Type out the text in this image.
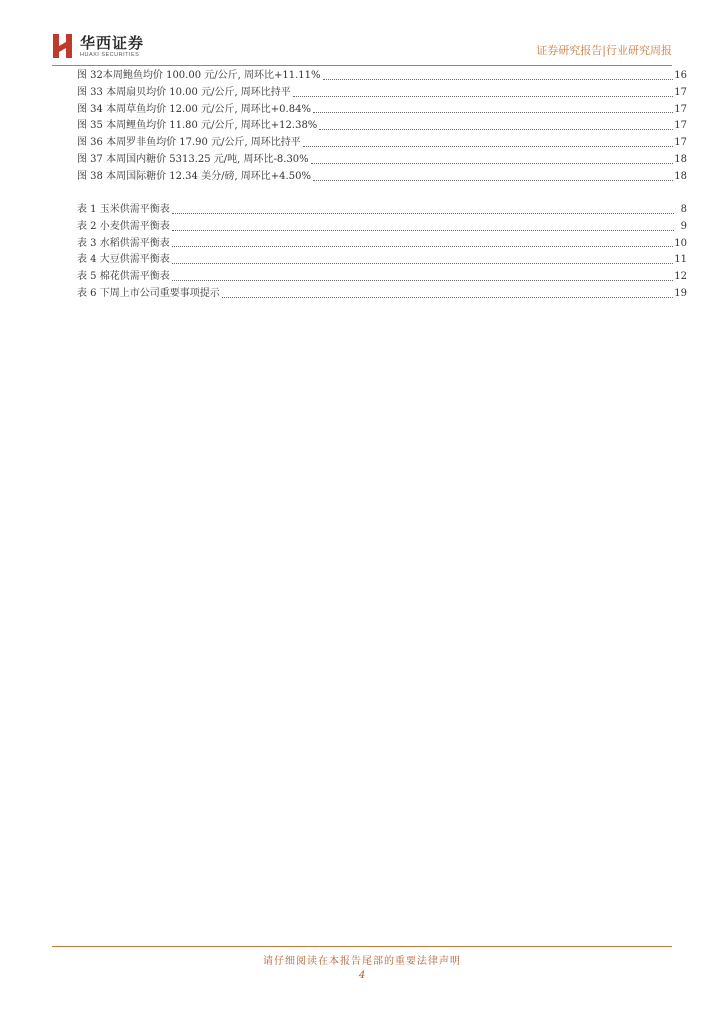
华西证券
HUAXI SECURITIES	证券研究报告|行业研究周报
图 32 本周鲍鱼均价 100.00 元/公斤, 周环比+11.11%	16
图 33 本周扇贝均价 10.00 元/公斤, 周环比持平	17
图 34 本周草鱼均价 12.00 元/公斤, 周环比+0.84%	17
图 35 本周鲤鱼均价 11.80 元/公斤, 周环比+12.38%	17
图 36 本周罗非鱼均价 17.90 元/公斤, 周环比持平	17
图 37 本周国内糖价 5313.25 元/吨, 周环比-8.30%	18
图 38 本周国际糖价 12.34 美分/磅, 周环比+4.50%	18
表 1 玉米供需平衡表	8
表 2 小麦供需平衡表	9
表 3 水稻供需平衡表	10
表 4 大豆供需平衡表	11
表 5 棉花供需平衡表	12
表 6 下周上市公司重要事项提示	19
请仔细阅读在本报告尾部的重要法律声明
4
